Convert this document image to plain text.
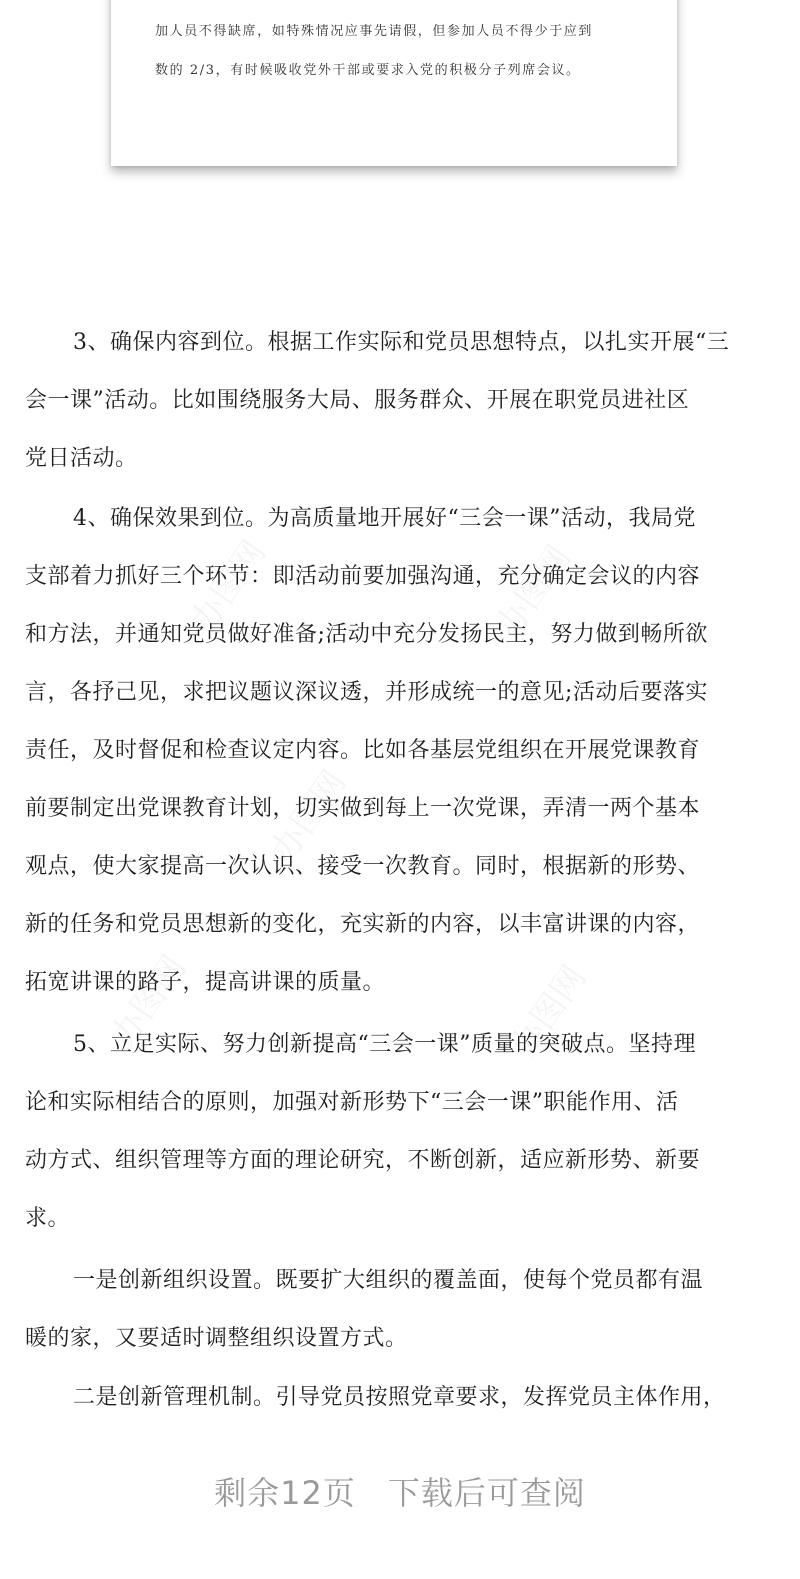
加人员不得缺席，如特殊情况应事先请假，但参加人员不得少于应到
数的 2/3，有时候吸收党外干部或要求入党的积极分子列席会议。
3、确保内容到位。根据工作实际和党员思想特点，以扎实开展“三
会一课”活动。比如围绕服务大局、服务群众、开展在职党员进社区
党日活动。
4、确保效果到位。为高质量地开展好“三会一课”活动，我局党
支部着力抓好三个环节：即活动前要加强沟通，充分确定会议的内容
和方法，并通知党员做好准备;活动中充分发扬民主，努力做到畅所欲
言，各抒己见，求把议题议深议透，并形成统一的意见;活动后要落实
责任，及时督促和检查议定内容。比如各基层党组织在开展党课教育
前要制定出党课教育计划，切实做到每上一次党课，弄清一两个基本
观点，使大家提高一次认识、接受一次教育。同时，根据新的形势、
新的任务和党员思想新的变化，充实新的内容，以丰富讲课的内容，
拓宽讲课的路子，提高讲课的质量。
5、立足实际、努力创新提高“三会一课”质量的突破点。坚持理
论和实际相结合的原则，加强对新形势下“三会一课”职能作用、活
动方式、组织管理等方面的理论研究，不断创新，适应新形势、新要
求。
一是创新组织设置。既要扩大组织的覆盖面，使每个党员都有温
暖的家，又要适时调整组织设置方式。
二是创新管理机制。引导党员按照党章要求，发挥党员主体作用，
剩余12页 下载后可查阅
